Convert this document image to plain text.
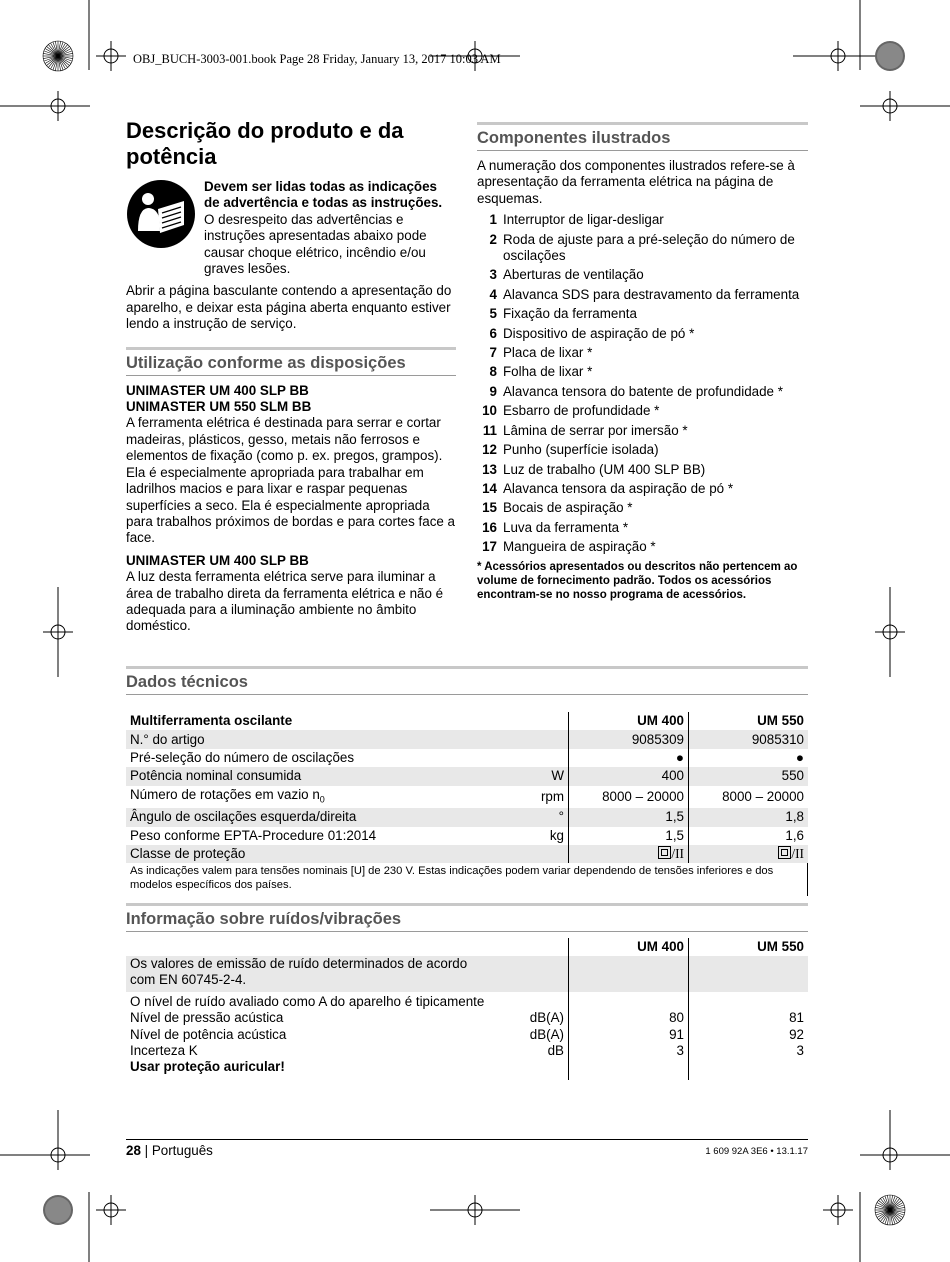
OBJ_BUCH-3003-001.book Page 28 Friday, January 13, 2017 10:03 AM
Descrição do produto e da potência
Devem ser lidas todas as indicações de advertência e todas as instruções.
O desrespeito das advertências e instruções apresentadas abaixo pode causar choque elétrico, incêndio e/ou graves lesões.

Abrir a página basculante contendo a apresentação do aparelho, e deixar esta página aberta enquanto estiver lendo a instrução de serviço.

Utilização conforme as disposições

UNIMASTER UM 400 SLP BB

UNIMASTER UM 550 SLM BB

A ferramenta elétrica é destinada para serrar e cortar madeiras, plásticos, gesso, metais não ferrosos e elementos de fixação (como p. ex. pregos, grampos). Ela é especialmente apropriada para trabalhar em ladrilhos macios e para lixar e raspar pequenas superfícies a seco. Ela é especialmente apropriada para trabalhos próximos de bordas e para cortes face a face.

UNIMASTER UM 400 SLP BB

A luz desta ferramenta elétrica serve para iluminar a área de trabalho direta da ferramenta elétrica e não é adequada para a iluminação ambiente no âmbito doméstico.

Componentes ilustrados

A numeração dos componentes ilustrados refere-se à apresentação da ferramenta elétrica na página de esquemas.

1 Interruptor de ligar-desligar
2 Roda de ajuste para a pré-seleção do número de oscilações
3 Aberturas de ventilação
4 Alavanca SDS para destravamento da ferramenta
5 Fixação da ferramenta
6 Dispositivo de aspiração de pó *
7 Placa de lixar *
8 Folha de lixar *
9 Alavanca tensora do batente de profundidade *
10 Esbarro de profundidade *
11 Lâmina de serrar por imersão *
12 Punho (superfície isolada)
13 Luz de trabalho (UM 400 SLP BB)
14 Alavanca tensora da aspiração de pó *
15 Bocais de aspiração *
16 Luva da ferramenta *
17 Mangueira de aspiração *
* Acessórios apresentados ou descritos não pertencem ao volume de fornecimento padrão. Todos os acessórios encontram-se no nosso programa de acessórios.
Dados técnicos
Multiferramenta oscilante		UM 400	UM 550
N.° do artigo		9085309	9085310
Pré-seleção do número de oscilações		●	●
Potência nominal consumida	W	400	550
Número de rotações em vazio $n_0$	rpm	8000 – 20000	8000 – 20000
Ângulo de oscilações esquerda/direita	°	1,5	1,8
Peso conforme EPTA-Procedure 01:2014	kg	1,5	1,6
Classe de proteção		/II	/II
As indicações valem para tensões nominais [U] de 230 V. Estas indicações podem variar dependendo de tensões inferiores e dos modelos específicos dos países.
Informação sobre ruídos/vibrações
		UM 400	UM 550
Os valores de emissão de ruído determinados de acordo com EN 60745-2-4.			
O nível de ruído avaliado como A do aparelho é tipicamente			
Nível de pressão acústica	dB(A)	80	81
Nível de potência acústica	dB(A)	91	92
Incerteza K	dB	3	3
Usar proteção auricular!			
28 | Português	1 609 92A 3E6 • 13.1.17
